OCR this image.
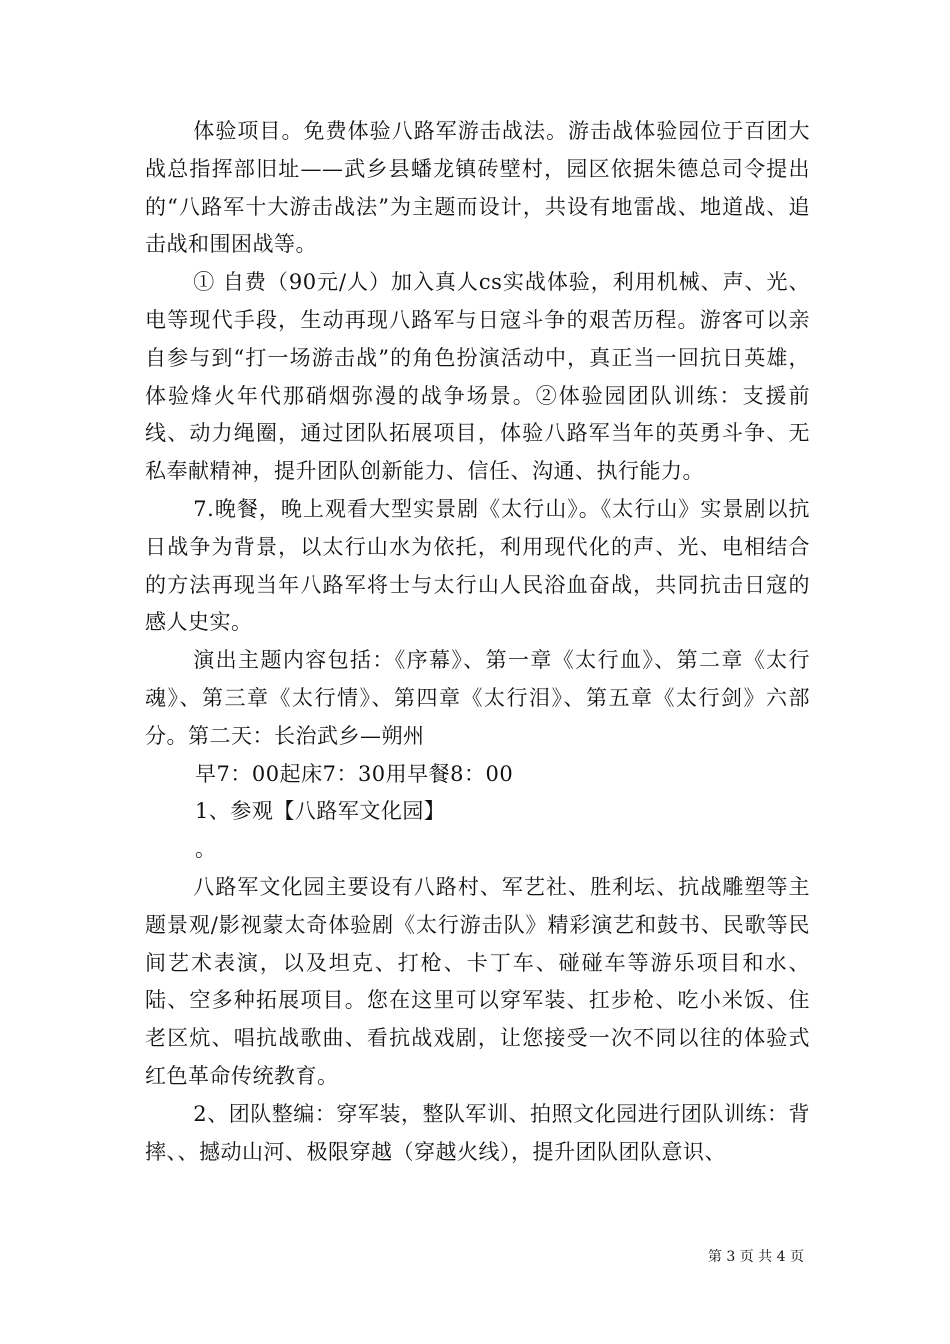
体验项目。免费体验八路军游击战法。游击战体验园位于百团大战总指挥部旧址——武乡县蟠龙镇砖壁村，园区依据朱德总司令提出的“八路军十大游击战法”为主题而设计，共设有地雷战、地道战、追击战和围困战等。

① 自费（90元/人）加入真人cs实战体验，利用机械、声、光、电等现代手段，生动再现八路军与日寇斗争的艰苦历程。游客可以亲自参与到“打一场游击战”的角色扮演活动中，真正当一回抗日英雄，体验烽火年代那硝烟弥漫的战争场景。②体验园团队训练：支援前线、动力绳圈，通过团队拓展项目，体验八路军当年的英勇斗争、无私奉献精神，提升团队创新能力、信任、沟通、执行能力。

7.晚餐，晚上观看大型实景剧《太行山》。《太行山》实景剧以抗日战争为背景，以太行山水为依托，利用现代化的声、光、电相结合的方法再现当年八路军将士与太行山人民浴血奋战，共同抗击日寇的感人史实。

演出主题内容包括：《序幕》、第一章《太行血》、第二章《太行魂》、第三章《太行情》、第四章《太行泪》、第五章《太行剑》六部分。第二天：长治武乡—朔州

早7：00起床7：30用早餐8：00

1、参观【八路军文化园】

。

八路军文化园主要设有八路村、军艺社、胜利坛、抗战雕塑等主题景观/影视蒙太奇体验剧《太行游击队》精彩演艺和鼓书、民歌等民间艺术表演，以及坦克、打枪、卡丁车、碰碰车等游乐项目和水、陆、空多种拓展项目。您在这里可以穿军装、扛步枪、吃小米饭、住老区炕、唱抗战歌曲、看抗战戏剧，让您接受一次不同以往的体验式红色革命传统教育。

2、团队整编：穿军装，整队军训、拍照文化园进行团队训练：背摔、、撼动山河、极限穿越（穿越火线），提升团队团队意识、

第 3 页 共 4 页
